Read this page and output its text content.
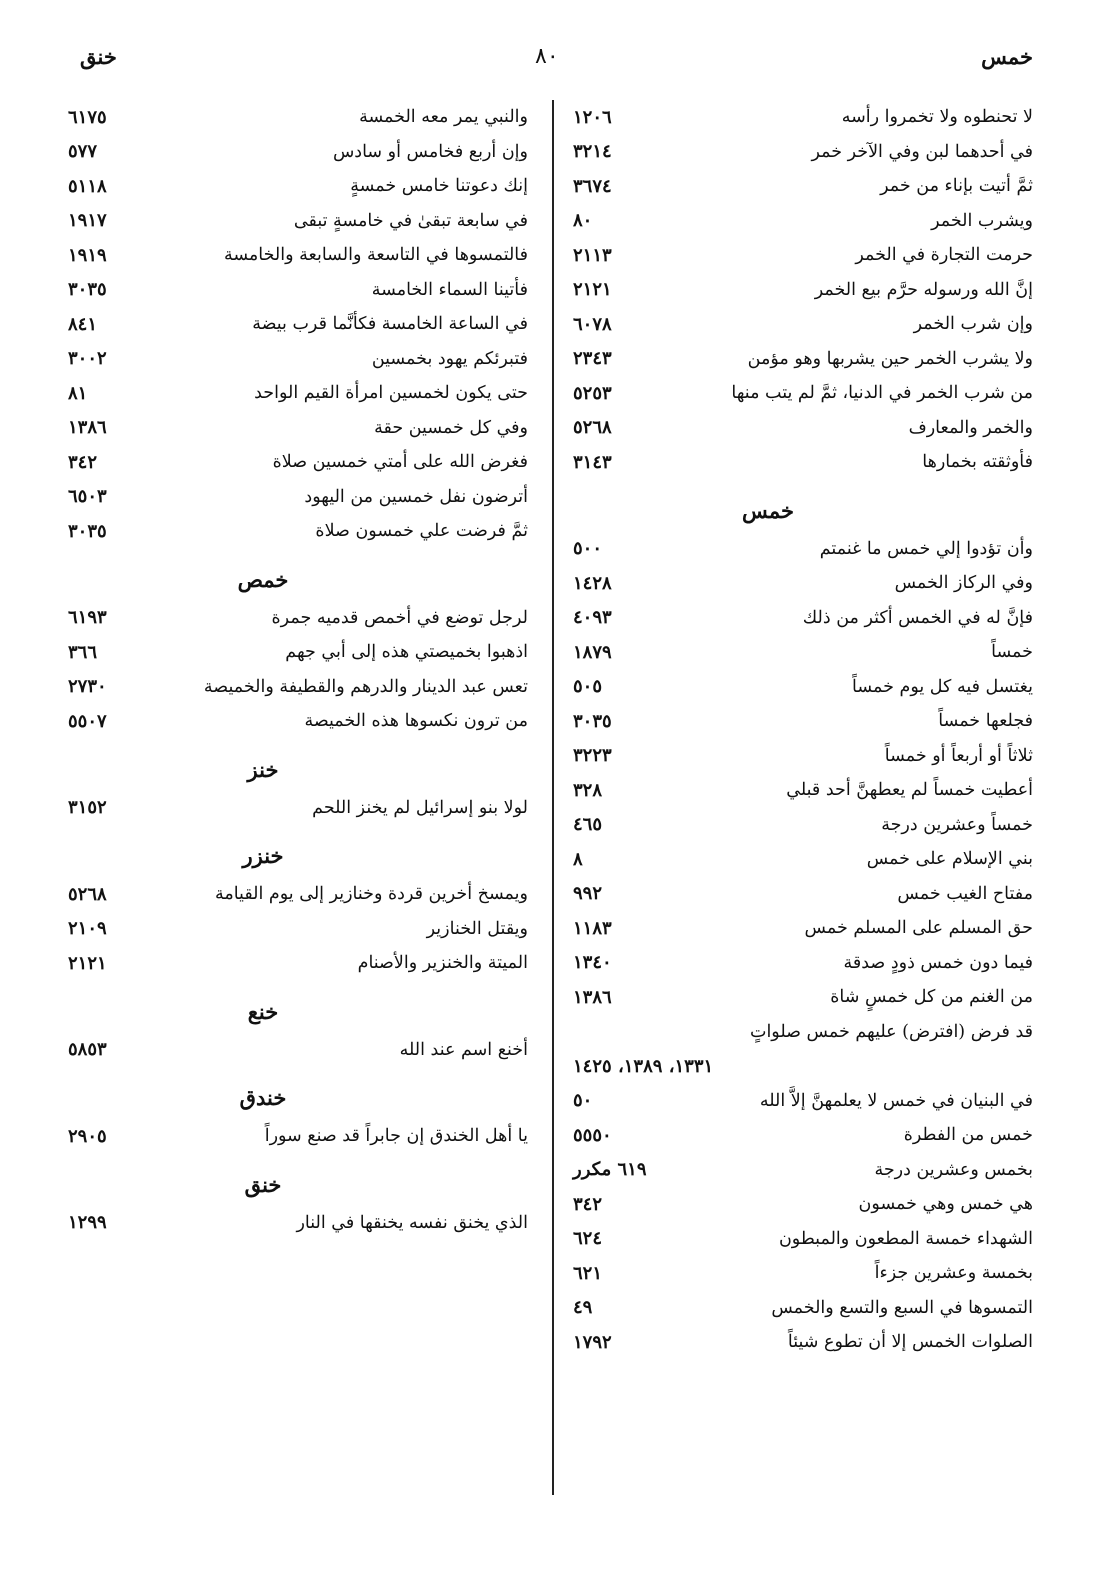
خمس
٨٠
خنق
لا تحنطوه ولا تخمروا رأسه
١٢٠٦
في أحدهما لبن وفي الآخر خمر
٣٢١٤
ثمَّ أتيت بإناء من خمر
٣٦٧٤
ويشرب الخمر
٨٠
حرمت التجارة في الخمر
٢١١٣
إنَّ الله ورسوله حرَّم بيع الخمر
٢١٢١
وإن شرب الخمر
٦٠٧٨
ولا يشرب الخمر حين يشربها وهو مؤمن
٢٣٤٣
من شرب الخمر في الدنيا، ثمَّ لم يتب منها
٥٢٥٣
والخمر والمعارف
٥٢٦٨
فأوثقته بخمارها
٣١٤٣
خمس
وأن تؤدوا إلي خمس ما غنمتم
٥٠٠
وفي الركاز الخمس
١٤٢٨
فإنَّ له في الخمس أكثر من ذلك
٤٠٩٣
خمساً
١٨٧٩
يغتسل فيه كل يوم خمساً
٥٠٥
فجلعها خمساً
٣٠٣٥
ثلاثاً أو أربعاً أو خمساً
٣٢٢٣
أعطيت خمساً لم يعطهنَّ أحد قبلي
٣٢٨
خمساً وعشرين درجة
٤٦٥
بني الإسلام على خمس
٨
مفتاح الغيب خمس
٩٩٢
حق المسلم على المسلم خمس
١١٨٣
فيما دون خمس ذودٍ صدقة
١٣٤٠
من الغنم من كل خمسٍ شاة
١٣٨٦
قد فرض (افترض) عليهم خمس صلواتٍ
١٣٣١، ١٣٨٩، ١٤٢٥
في البنيان في خمس لا يعلمهنَّ إلاَّ الله
٥٠
خمس من الفطرة
٥٥٥٠
بخمس وعشرين درجة
٦١٩ مكرر
هي خمس وهي خمسون
٣٤٢
الشهداء خمسة المطعون والمبطون
٦٢٤
بخمسة وعشرين جزءاً
٦٢١
التمسوها في السبع والتسع والخمس
٤٩
الصلوات الخمس إلا أن تطوع شيئاً
١٧٩٢
والنبي يمر معه الخمسة
٦١٧٥
وإن أربع فخامس أو سادس
٥٧٧
إنك دعوتنا خامس خمسةٍ
٥١١٨
في سابعة تبقىٰ في خامسةٍ تبقى
١٩١٧
فالتمسوها في التاسعة والسابعة والخامسة
١٩١٩
فأتينا السماء الخامسة
٣٠٣٥
في الساعة الخامسة فكأنَّما قرب بيضة
٨٤١
فتبرئكم يهود بخمسين
٣٠٠٢
حتى يكون لخمسين امرأة القيم الواحد
٨١
وفي كل خمسين حقة
١٣٨٦
فغرض الله على أمتي خمسين صلاة
٣٤٢
أترضون نفل خمسين من اليهود
٦٥٠٣
ثمَّ فرضت علي خمسون صلاة
٣٠٣٥
خمص
لرجل توضع في أخمص قدميه جمرة
٦١٩٣
اذهبوا بخميصتي هذه إلى أبي جهم
٣٦٦
تعس عبد الدينار والدرهم والقطيفة والخميصة
٢٧٣٠
من ترون نكسوها هذه الخميصة
٥٥٠٧
خنز
لولا بنو إسرائيل لم يخنز اللحم
٣١٥٢
خنزر
ويمسخ أخرين قردة وخنازير إلى يوم القيامة
٥٢٦٨
ويقتل الخنازير
٢١٠٩
الميتة والخنزير والأصنام
٢١٢١
خنع
أخنع اسم عند الله
٥٨٥٣
خندق
يا أهل الخندق إن جابراً قد صنع سوراً
٢٩٠٥
خنق
الذي يخنق نفسه يخنقها في النار
١٢٩٩
